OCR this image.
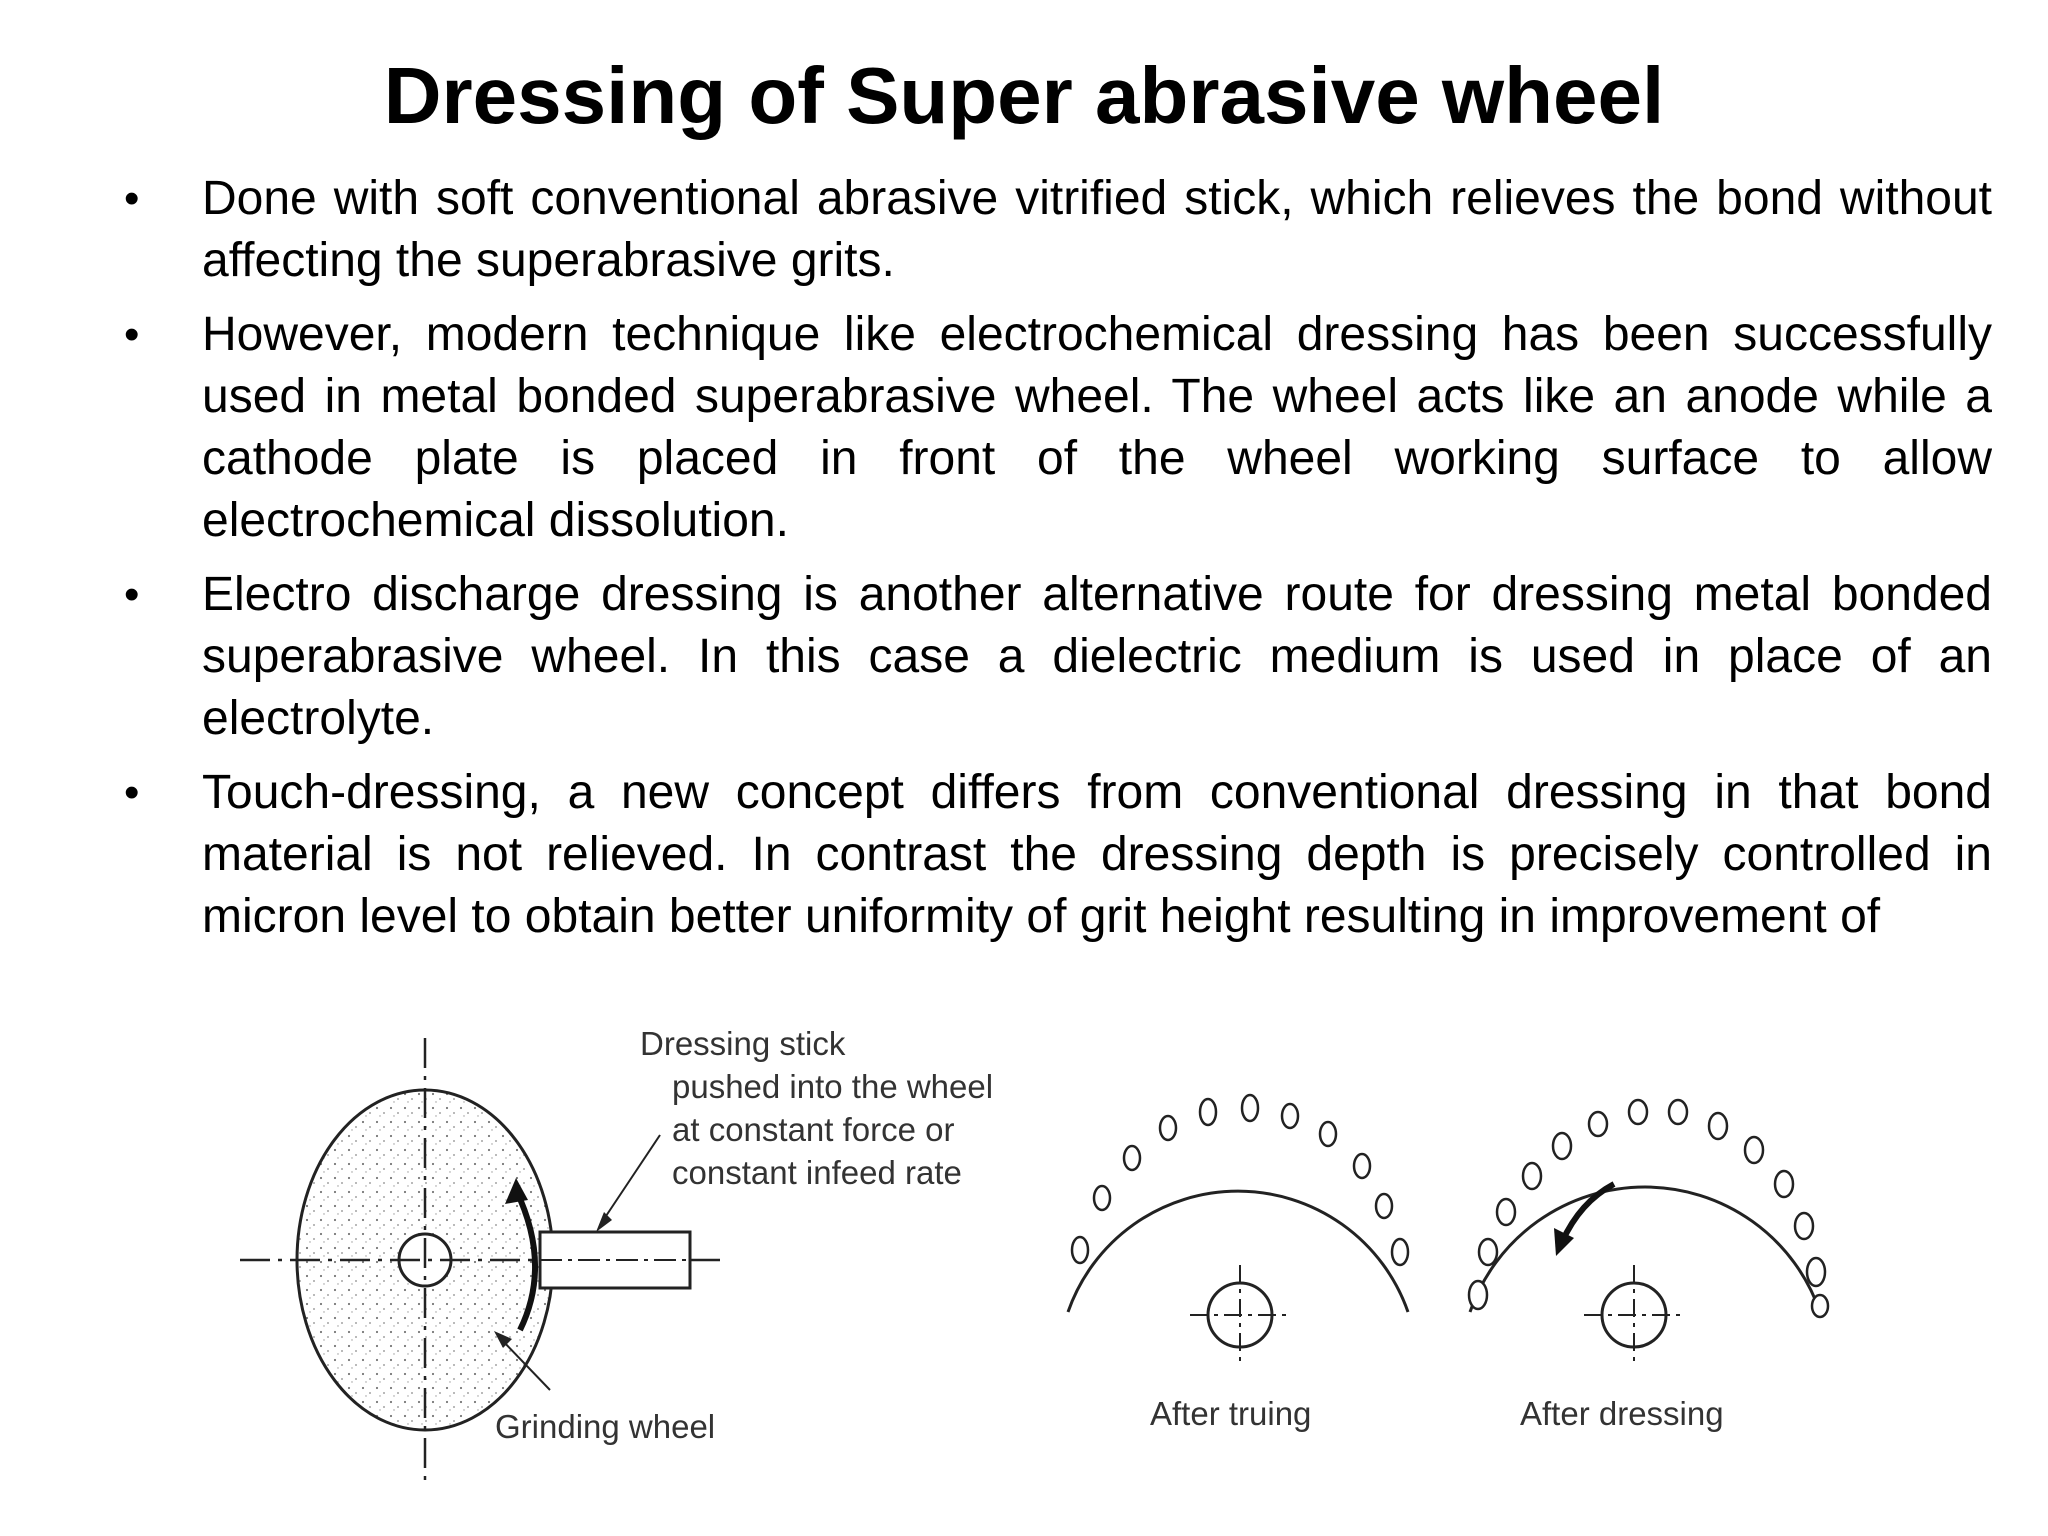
Dressing of Super abrasive wheel
• Done with soft conventional abrasive vitrified stick, which relieves the bond without affecting the superabrasive grits.
• However, modern technique like electrochemical dressing has been successfully used in metal bonded superabrasive wheel. The wheel acts like an anode while a cathode plate is placed in front of the wheel working surface to allow electrochemical dissolution.
• Electro discharge dressing is another alternative route for dressing metal bonded superabrasive wheel. In this case a dielectric medium is used in place of an electrolyte.
• Touch-dressing, a new concept differs from conventional dressing in that bond material is not relieved. In contrast the dressing depth is precisely controlled in micron level to obtain better uniformity of grit height resulting in improvement of
Dressing stick
pushed into the wheel
at constant force or
constant infeed rate
Grinding wheel	After truing	After dressing
